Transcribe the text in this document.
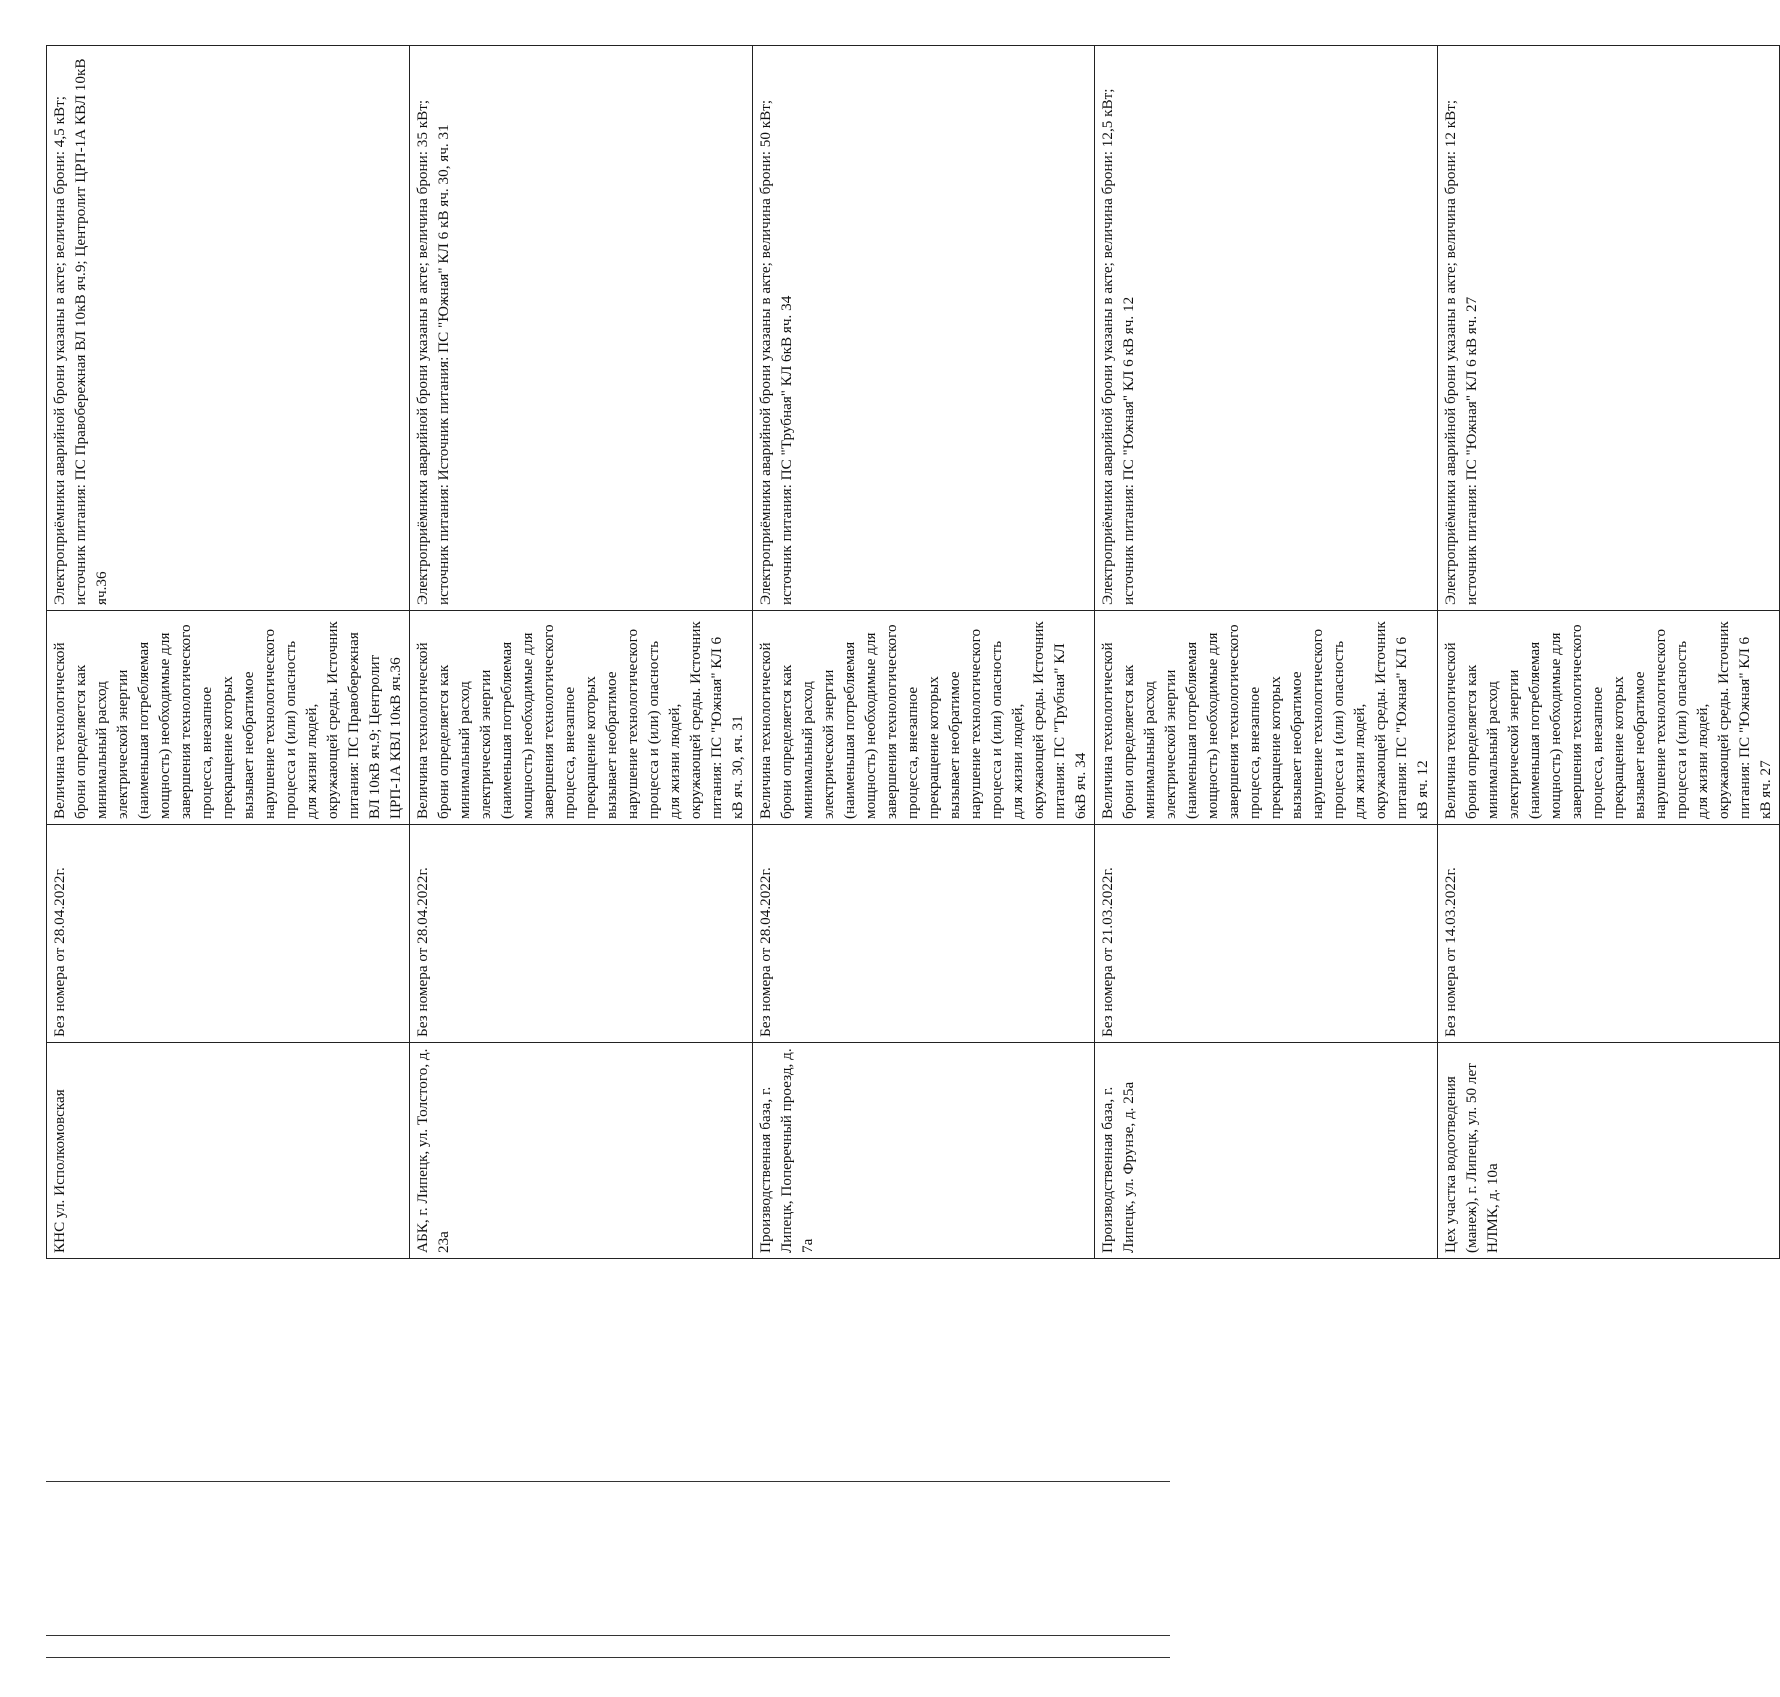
КНС ул. Исполкомовская	Без номера от 28.04.2022г.	Величина технологической брони определяется как минимальный расход электрической энергии (наименьшая потребляемая мощность) необходимые для завершения технологического процесса, внезапное прекращение которых вызывает необратимое нарушение технологического процесса и (или) опасность для жизни людей, окружающей среды. Источник питания: ПС Правобережная ВЛ 10кВ яч.9; Центролит ЦРП-1А КВЛ 10кВ яч.36	Электроприёмники аварийной брони указаны в акте; величина брони: 4,5 кВт; источник питания: ПС Правобережная ВЛ 10кВ яч.9; Центролит ЦРП-1А КВЛ 10кВ яч.36
АБК, г. Липецк, ул. Толстого, д. 23а	Без номера от 28.04.2022г.	Величина технологической брони определяется как минимальный расход электрической энергии (наименьшая потребляемая мощность) необходимые для завершения технологического процесса, внезапное прекращение которых вызывает необратимое нарушение технологического процесса и (или) опасность для жизни людей, окружающей среды. Источник питания: ПС "Южная" КЛ 6 кВ яч. 30, яч. 31	Электроприёмники аварийной брони указаны в акте; величина брони: 35 кВт; источник питания: Источник питания: ПС "Южная" КЛ 6 кВ яч. 30, яч. 31
Производственная база, г. Липецк, Поперечный проезд, д. 7а	Без номера от 28.04.2022г.	Величина технологической брони определяется как минимальный расход электрической энергии (наименьшая потребляемая мощность) необходимые для завершения технологического процесса, внезапное прекращение которых вызывает необратимое нарушение технологического процесса и (или) опасность для жизни людей, окружающей среды. Источник питания: ПС "Трубная" КЛ 6кВ яч. 34	Электроприёмники аварийной брони указаны в акте; величина брони: 50 кВт; источник питания: ПС "Трубная" КЛ 6кВ яч. 34
Производственная база, г. Липецк, ул. Фрунзе, д. 25а	Без номера от 21.03.2022г.	Величина технологической брони определяется как минимальный расход электрической энергии (наименьшая потребляемая мощность) необходимые для завершения технологического процесса, внезапное прекращение которых вызывает необратимое нарушение технологического процесса и (или) опасность для жизни людей, окружающей среды. Источник питания: ПС "Южная" КЛ 6 кВ яч. 12	Электроприёмники аварийной брони указаны в акте; величина брони: 12,5 кВт; источник питания: ПС "Южная" КЛ 6 кВ яч. 12
Цех участка водоотведения (манеж), г. Липецк, ул. 50 лет НЛМК, д. 10а	Без номера от 14.03.2022г.	Величина технологической брони определяется как минимальный расход электрической энергии (наименьшая потребляемая мощность) необходимые для завершения технологического процесса, внезапное прекращение которых вызывает необратимое нарушение технологического процесса и (или) опасность для жизни людей, окружающей среды. Источник питания: ПС "Южная" КЛ 6 кВ яч. 27	Электроприёмники аварийной брони указаны в акте; величина брони: 12 кВт; источник питания: ПС "Южная" КЛ 6 кВ яч. 27
